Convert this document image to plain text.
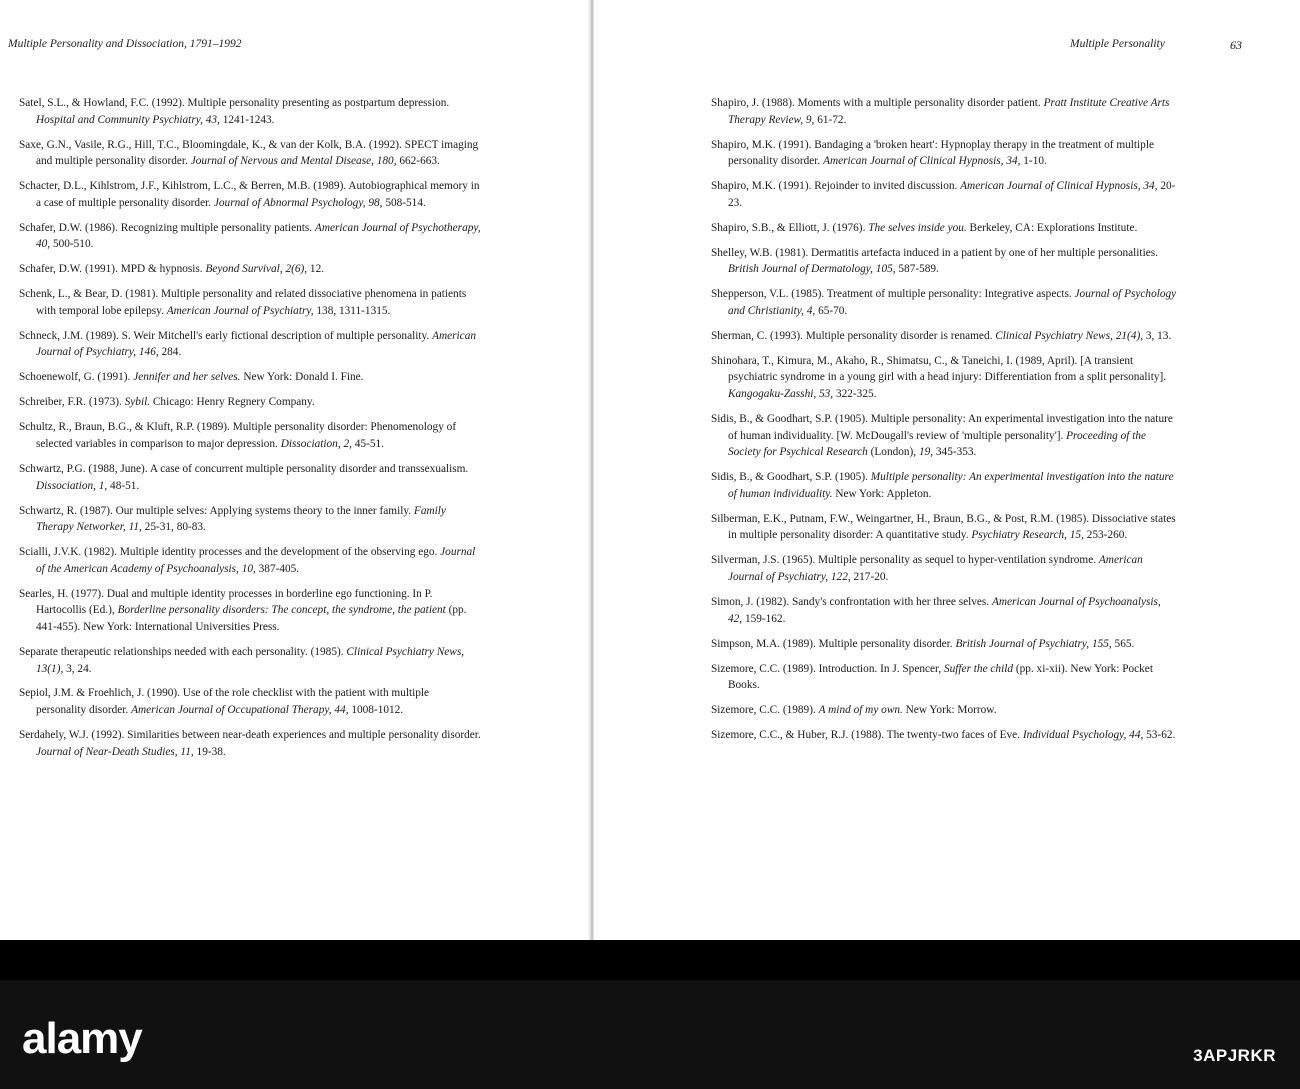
Multiple Personality and Dissociation, 1791–1992
Satel, S.L., & Howland, F.C. (1992). Multiple personality presenting as postpartum depression. Hospital and Community Psychiatry, 43, 1241-1243.
Saxe, G.N., Vasile, R.G., Hill, T.C., Bloomingdale, K., & van der Kolk, B.A. (1992). SPECT imaging and multiple personality disorder. Journal of Nervous and Mental Disease, 180, 662-663.
Schacter, D.L., Kihlstrom, J.F., Kihlstrom, L.C., & Berren, M.B. (1989). Autobiographical memory in a case of multiple personality disorder. Journal of Abnormal Psychology, 98, 508-514.
Schafer, D.W. (1986). Recognizing multiple personality patients. American Journal of Psychotherapy, 40, 500-510.
Schafer, D.W. (1991). MPD & hypnosis. Beyond Survival, 2(6), 12.
Schenk, L., & Bear, D. (1981). Multiple personality and related dissociative phenomena in patients with temporal lobe epilepsy. American Journal of Psychiatry, 138, 1311-1315.
Schneck, J.M. (1989). S. Weir Mitchell's early fictional description of multiple personality. American Journal of Psychiatry, 146, 284.
Schoenewolf, G. (1991). Jennifer and her selves. New York: Donald I. Fine.
Schreiber, F.R. (1973). Sybil. Chicago: Henry Regnery Company.
Schultz, R., Braun, B.G., & Kluft, R.P. (1989). Multiple personality disorder: Phenomenology of selected variables in comparison to major depression. Dissociation, 2, 45-51.
Schwartz, P.G. (1988, June). A case of concurrent multiple personality disorder and transsexualism. Dissociation, 1, 48-51.
Schwartz, R. (1987). Our multiple selves: Applying systems theory to the inner family. Family Therapy Networker, 11, 25-31, 80-83.
Scialli, J.V.K. (1982). Multiple identity processes and the development of the observing ego. Journal of the American Academy of Psychoanalysis, 10, 387-405.
Searles, H. (1977). Dual and multiple identity processes in borderline ego functioning. In P. Hartocollis (Ed.), Borderline personality disorders: The concept, the syndrome, the patient (pp. 441-455). New York: International Universities Press.
Separate therapeutic relationships needed with each personality. (1985). Clinical Psychiatry News, 13(1), 3, 24.
Sepiol, J.M. & Froehlich, J. (1990). Use of the role checklist with the patient with multiple personality disorder. American Journal of Occupational Therapy, 44, 1008-1012.
Serdahely, W.J. (1992). Similarities between near-death experiences and multiple personality disorder. Journal of Near-Death Studies, 11, 19-38.
Multiple Personality	63
Shapiro, J. (1988). Moments with a multiple personality disorder patient. Pratt Institute Creative Arts Therapy Review, 9, 61-72.
Shapiro, M.K. (1991). Bandaging a 'broken heart': Hypnoplay therapy in the treatment of multiple personality disorder. American Journal of Clinical Hypnosis, 34, 1-10.
Shapiro, M.K. (1991). Rejoinder to invited discussion. American Journal of Clinical Hypnosis, 34, 20-23.
Shapiro, S.B., & Elliott, J. (1976). The selves inside you. Berkeley, CA: Explorations Institute.
Shelley, W.B. (1981). Dermatitis artefacta induced in a patient by one of her multiple personalities. British Journal of Dermatology, 105, 587-589.
Shepperson, V.L. (1985). Treatment of multiple personality: Integrative aspects. Journal of Psychology and Christianity, 4, 65-70.
Sherman, C. (1993). Multiple personality disorder is renamed. Clinical Psychiatry News, 21(4), 3, 13.
Shinohara, T., Kimura, M., Akaho, R., Shimatsu, C., & Taneichi, I. (1989, April). [A transient psychiatric syndrome in a young girl with a head injury: Differentiation from a split personality]. Kangogaku-Zasshi, 53, 322-325.
Sidis, B., & Goodhart, S.P. (1905). Multiple personality: An experimental investigation into the nature of human individuality. [W. McDougall's review of 'multiple personality']. Proceeding of the Society for Psychical Research (London), 19, 345-353.
Sidis, B., & Goodhart, S.P. (1905). Multiple personality: An experimental investigation into the nature of human individuality. New York: Appleton.
Silberman, E.K., Putnam, F.W., Weingartner, H., Braun, B.G., & Post, R.M. (1985). Dissociative states in multiple personality disorder: A quantitative study. Psychiatry Research, 15, 253-260.
Silverman, J.S. (1965). Multiple personality as sequel to hyper-ventilation syndrome. American Journal of Psychiatry, 122, 217-20.
Simon, J. (1982). Sandy's confrontation with her three selves. American Journal of Psychoanalysis, 42, 159-162.
Simpson, M.A. (1989). Multiple personality disorder. British Journal of Psychiatry, 155, 565.
Sizemore, C.C. (1989). Introduction. In J. Spencer, Suffer the child (pp. xi-xii). New York: Pocket Books.
Sizemore, C.C. (1989). A mind of my own. New York: Morrow.
Sizemore, C.C., & Huber, R.J. (1988). The twenty-two faces of Eve. Individual Psychology, 44, 53-62.
alamy	3APJRKR
